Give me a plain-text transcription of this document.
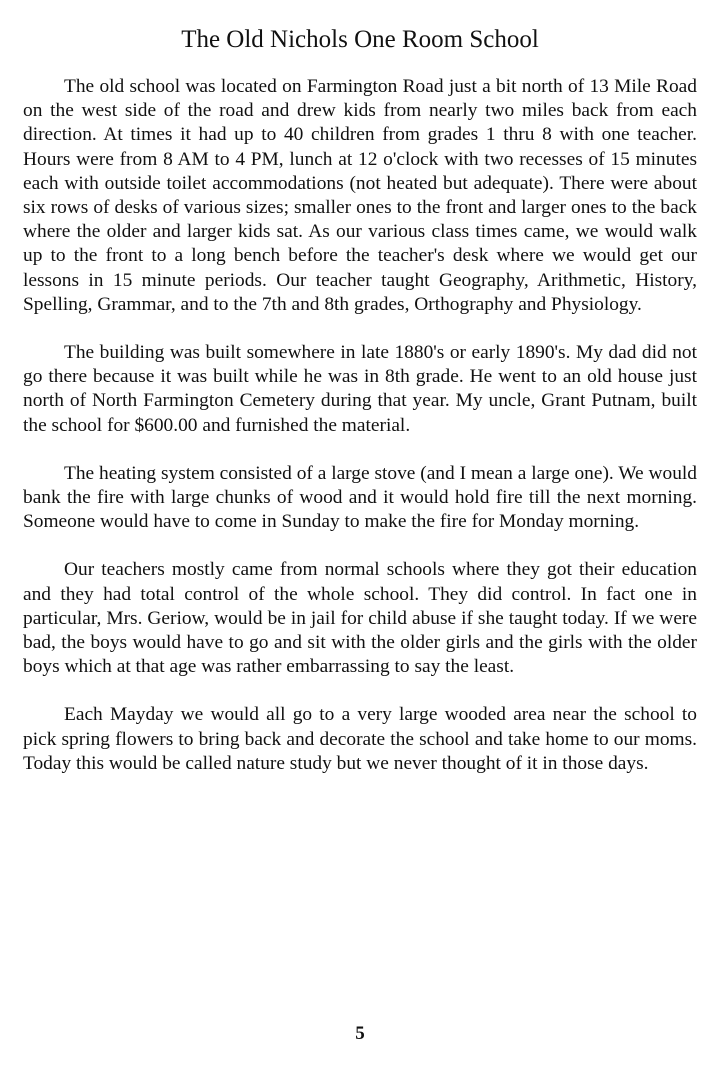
The Old Nichols One Room School

The old school was located on Farmington Road just a bit north of 13 Mile Road on the west side of the road and drew kids from nearly two miles back from each direction. At times it had up to 40 children from grades 1 thru 8 with one teacher. Hours were from 8 AM to 4 PM, lunch at 12 o'clock with two recesses of 15 minutes each with outside toilet accommodations (not heated but adequate). There were about six rows of desks of various sizes; smaller ones to the front and larger ones to the back where the older and larger kids sat. As our various class times came, we would walk up to the front to a long bench before the teacher's desk where we would get our lessons in 15 minute periods. Our teacher taught Geography, Arithmetic, History, Spelling, Grammar, and to the 7th and 8th grades, Orthography and Physiology.

The building was built somewhere in late 1880's or early 1890's. My dad did not go there because it was built while he was in 8th grade. He went to an old house just north of North Farmington Cemetery during that year. My uncle, Grant Putnam, built the school for $600.00 and furnished the material.

The heating system consisted of a large stove (and I mean a large one). We would bank the fire with large chunks of wood and it would hold fire till the next morning. Someone would have to come in Sunday to make the fire for Monday morning.

Our teachers mostly came from normal schools where they got their education and they had total control of the whole school. They did control. In fact one in particular, Mrs. Geriow, would be in jail for child abuse if she taught today. If we were bad, the boys would have to go and sit with the older girls and the girls with the older boys which at that age was rather embarrassing to say the least.

Each Mayday we would all go to a very large wooded area near the school to pick spring flowers to bring back and decorate the school and take home to our moms. Today this would be called nature study but we never thought of it in those days.

5
